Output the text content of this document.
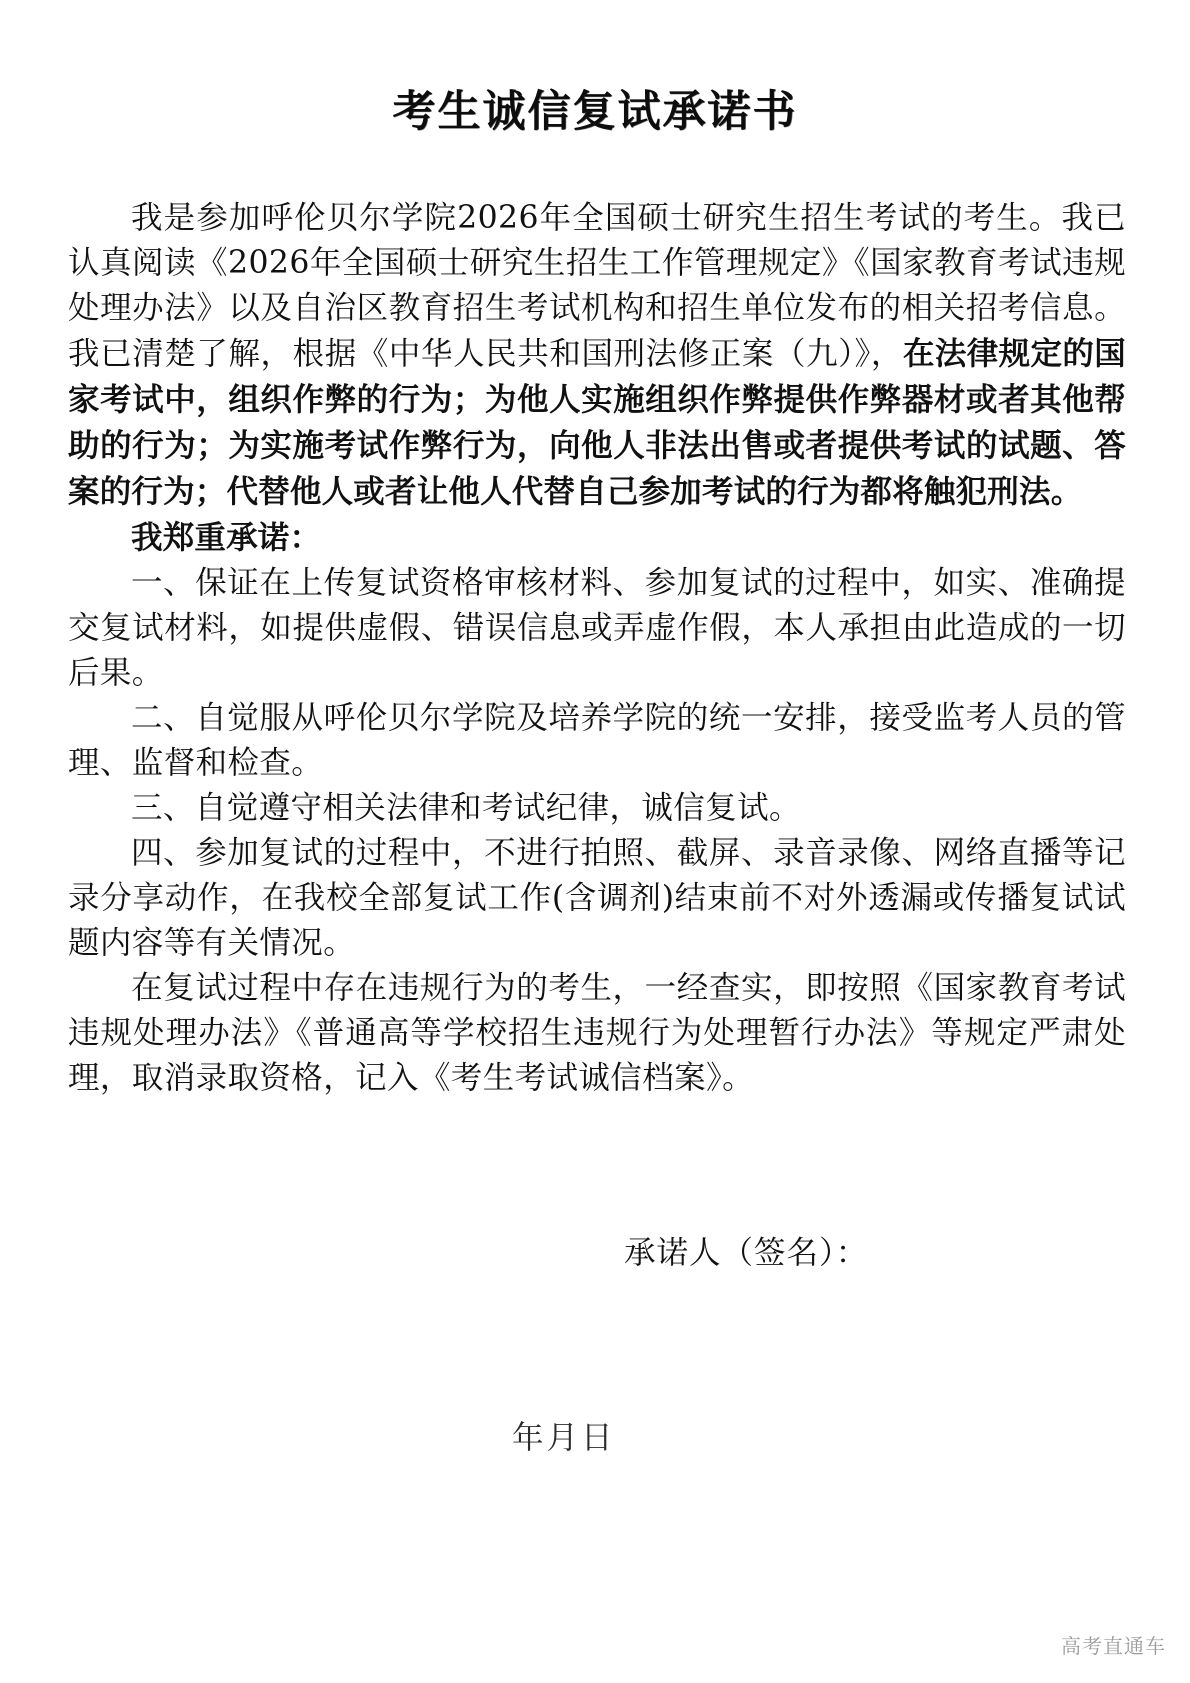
考生诚信复试承诺书

我是参加呼伦贝尔学院2026年全国硕士研究生招生考试的考生。我已认真阅读《2026年全国硕士研究生招生工作管理规定》《国家教育考试违规处理办法》以及自治区教育招生考试机构和招生单位发布的相关招考信息。我已清楚了解，根据《中华人民共和国刑法修正案（九）》，在法律规定的国家考试中，组织作弊的行为；为他人实施组织作弊提供作弊器材或者其他帮助的行为；为实施考试作弊行为，向他人非法出售或者提供考试的试题、答案的行为；代替他人或者让他人代替自己参加考试的行为都将触犯刑法。

我郑重承诺：

一、保证在上传复试资格审核材料、参加复试的过程中，如实、准确提交复试材料，如提供虚假、错误信息或弄虚作假，本人承担由此造成的一切后果。

二、自觉服从呼伦贝尔学院及培养学院的统一安排，接受监考人员的管理、监督和检查。

三、自觉遵守相关法律和考试纪律，诚信复试。

四、参加复试的过程中，不进行拍照、截屏、录音录像、网络直播等记录分享动作，在我校全部复试工作(含调剂)结束前不对外透漏或传播复试试题内容等有关情况。

在复试过程中存在违规行为的考生，一经查实，即按照《国家教育考试违规处理办法》《普通高等学校招生违规行为处理暂行办法》等规定严肃处理，取消录取资格，记入《考生考试诚信档案》。

承诺人（签名）：
年月日
高考直通车
